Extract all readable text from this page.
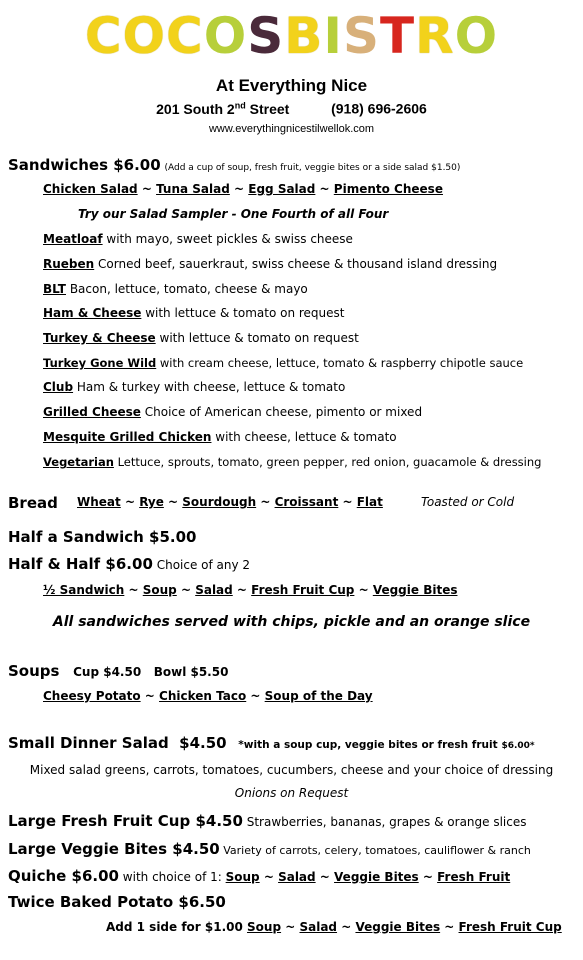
C O C O S B I S T R O
At Everything Nice
201 South 2nd Street	(918) 696-2606
www.everythingnicestilwellok.com
Sandwiches $6.00 (Add a cup of soup, fresh fruit, veggie bites or a side salad $1.50)
Chicken Salad ~ Tuna Salad ~ Egg Salad ~ Pimento Cheese
Try our Salad Sampler - One Fourth of all Four
Meatloaf with mayo, sweet pickles & swiss cheese
Rueben Corned beef, sauerkraut, swiss cheese & thousand island dressing
BLT Bacon, lettuce, tomato, cheese & mayo
Ham & Cheese with lettuce & tomato on request
Turkey & Cheese with lettuce & tomato on request
Turkey Gone Wild with cream cheese, lettuce, tomato & raspberry chipotle sauce
Club Ham & turkey with cheese, lettuce & tomato
Grilled Cheese Choice of American cheese, pimento or mixed
Mesquite Grilled Chicken with cheese, lettuce & tomato
Vegetarian Lettuce, sprouts, tomato, green pepper, red onion, guacamole & dressing
Bread Wheat ~ Rye ~ Sourdough ~ Croissant ~ Flat	Toasted or Cold
Half a Sandwich $5.00
Half & Half $6.00 Choice of any 2
½ Sandwich ~ Soup ~ Salad ~ Fresh Fruit Cup ~ Veggie Bites
All sandwiches served with chips, pickle and an orange slice
Soups Cup $4.50   Bowl $5.50
Cheesy Potato ~ Chicken Taco ~ Soup of the Day
Small Dinner Salad  $4.50 *with a soup cup, veggie bites or fresh fruit $6.00*
Mixed salad greens, carrots, tomatoes, cucumbers, cheese and your choice of dressing
Onions on Request
Large Fresh Fruit Cup $4.50 Strawberries, bananas, grapes & orange slices
Large Veggie Bites $4.50 Variety of carrots, celery, tomatoes, cauliflower & ranch
Quiche $6.00 with choice of 1: Soup ~ Salad ~ Veggie Bites ~ Fresh Fruit
Twice Baked Potato $6.50
Add 1 side for $1.00 Soup ~ Salad ~ Veggie Bites ~ Fresh Fruit Cup
